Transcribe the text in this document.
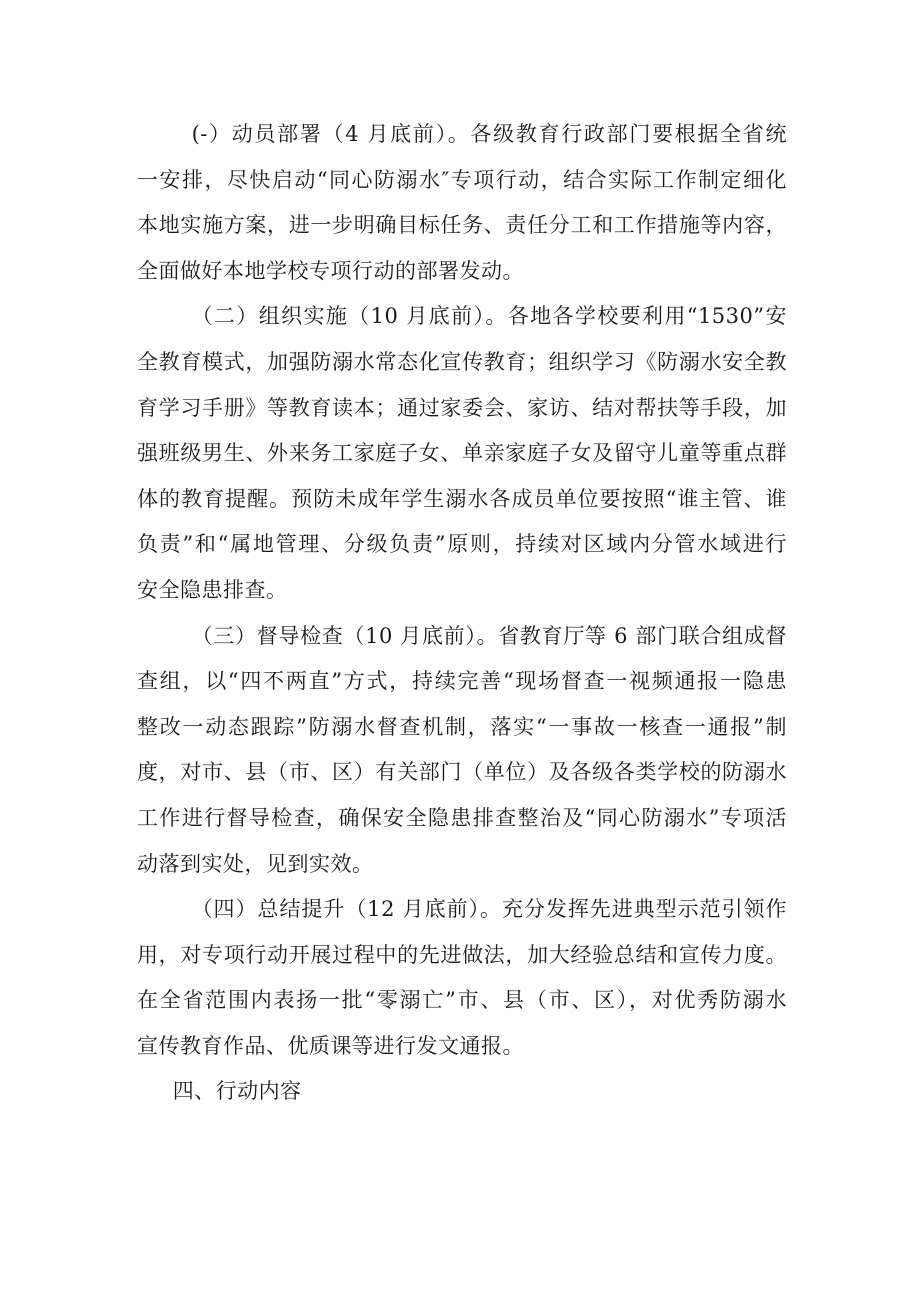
(-）动员部署（4 月底前）。各级教育行政部门要根据全省统
一安排，尽快启动“同心防溺水″专项行动，结合实际工作制定细化
本地实施方案，进一步明确目标任务、责任分工和工作措施等内容，
全面做好本地学校专项行动的部署发动。
（二）组织实施（10 月底前）。各地各学校要利用“1530”安
全教育模式，加强防溺水常态化宣传教育；组织学习《防溺水安全教
育学习手册》等教育读本；通过家委会、家访、结对帮扶等手段，加
强班级男生、外来务工家庭子女、单亲家庭子女及留守儿童等重点群
体的教育提醒。预防未成年学生溺水各成员单位要按照“谁主管、谁
负责”和“属地管理、分级负责”原则，持续对区域内分管水域进行
安全隐患排查。
（三）督导检查（10 月底前）。省教育厅等 6 部门联合组成督
查组，以“四不两直”方式，持续完善“现场督查一视频通报一隐患
整改一动态跟踪”防溺水督查机制，落实“一事故一核查一通报”制
度，对市、县（市、区）有关部门（单位）及各级各类学校的防溺水
工作进行督导检查，确保安全隐患排查整治及“同心防溺水”专项活
动落到实处，见到实效。
（四）总结提升（12 月底前）。充分发挥先进典型示范引领作
用，对专项行动开展过程中的先进做法，加大经验总结和宣传力度。
在全省范围内表扬一批“零溺亡”市、县（市、区），对优秀防溺水
宣传教育作品、优质课等进行发文通报。
四、行动内容
